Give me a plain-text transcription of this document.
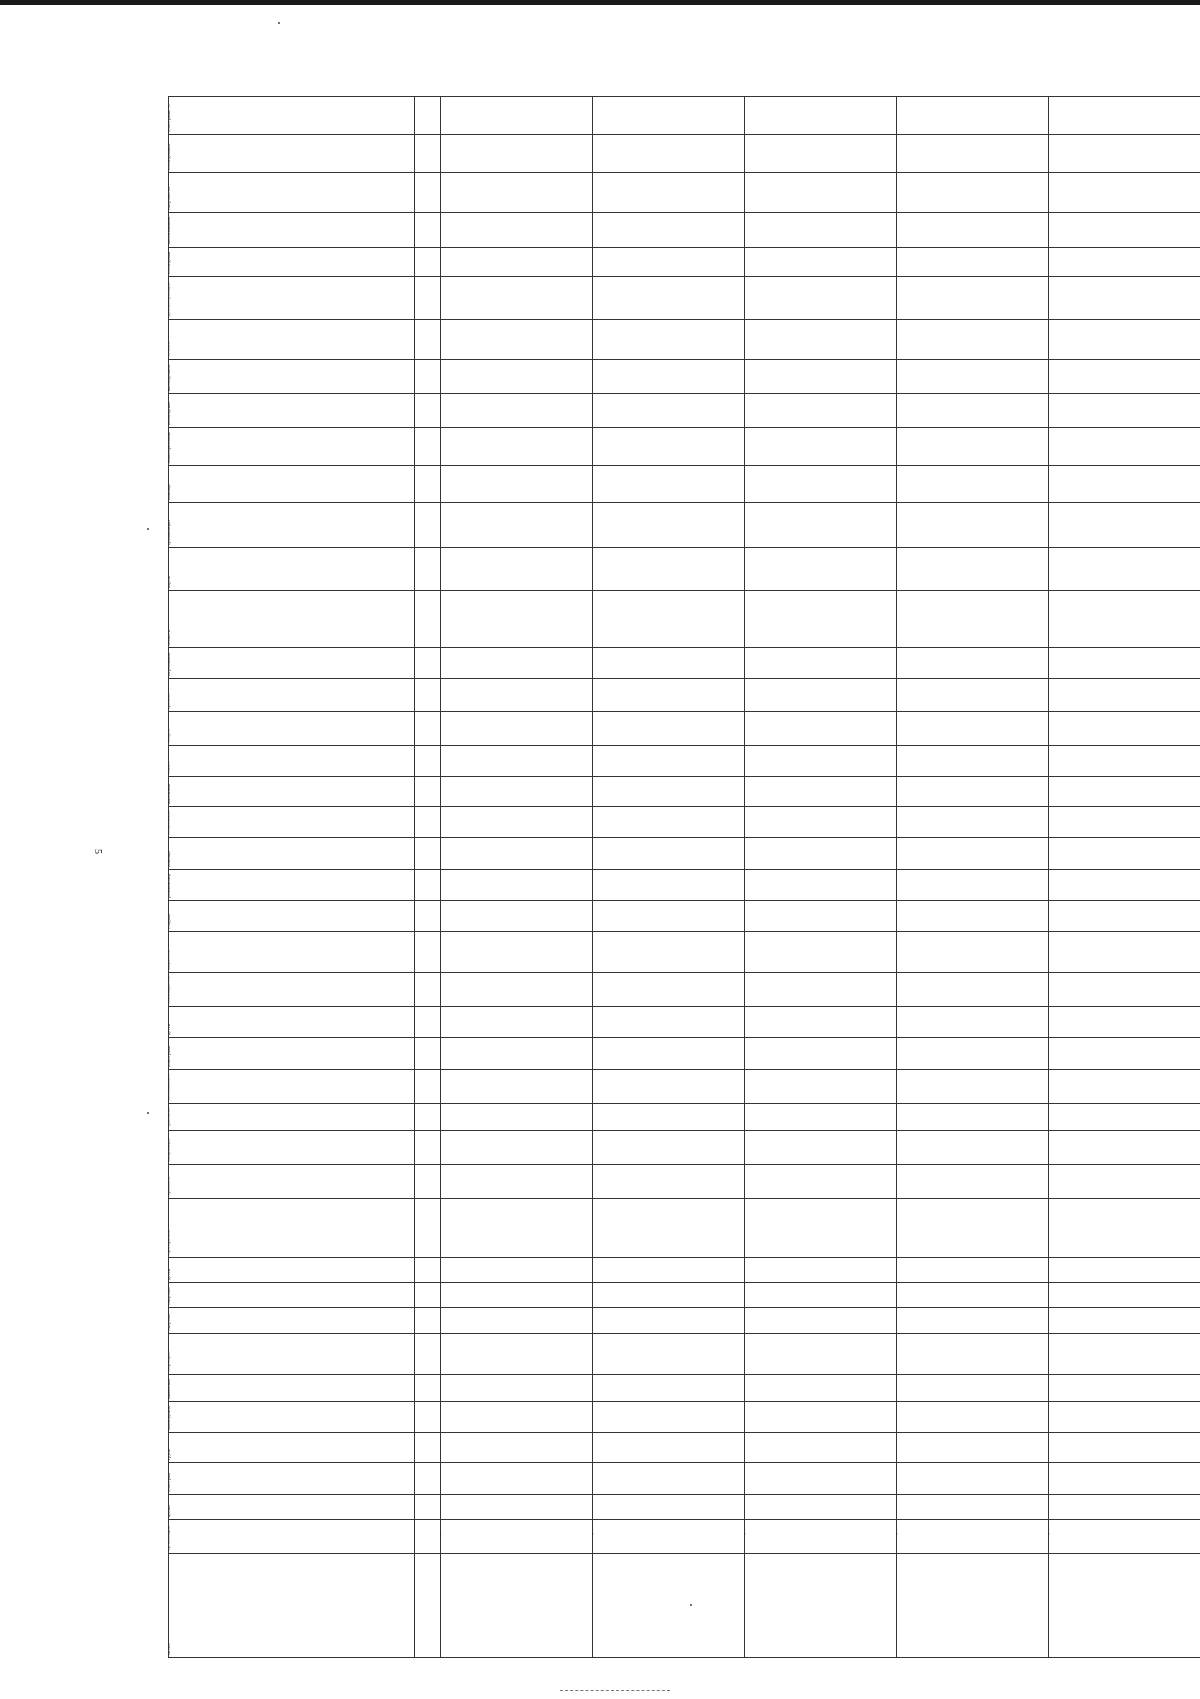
5
осмотрами,	43								

обследование	42								

смертности	41								

заболеваниями	40								

обследование	39								

диспансеризацию	38								

лечение	37								

наблюдением	36								

наблюдение	35								

новообразований	34								

помощь	33								

организации	32	баллов	баллов	баллов	баллов	баллов

карты	31	баллов	баллов	баллов	баллов	баллов

области	30	баллов	баллов	баллов	баллов	баллов

персоналом	29	баллов	баллов	баллов	баллов	баллов

врачами	28	баллов	баллов	баллов	баллов	баллов

смерти	27								

жалоб	26								

населения	25								

госпитализации	24								

помощи	23								

реабилитации	22								

стадиях	21								

пациентов	20								

инвалидностью	19								

детей	18								

осмотрами	17								

заболеваемости	16								

травматизма	15								

вакцинации	14								

прививок	13								

препаратами	12								

детей	11								

смертности	10								

смертности

ВИЧ-инфекцию		баллов	баллов	баллов	баллов	баллов

выявленных		баллов	баллов	баллов	баллов	баллов

наблюдения		баллов	баллов	баллов	баллов	баллов

групп		баллов	баллов	баллов	баллов	баллов

осмотрам		баллов	баллов	баллов	баллов	баллов

целью		баллов	баллов	баллов	баллов	баллов

организации		больница»	больница»	больница»	больница»	больница»

п/п						10
